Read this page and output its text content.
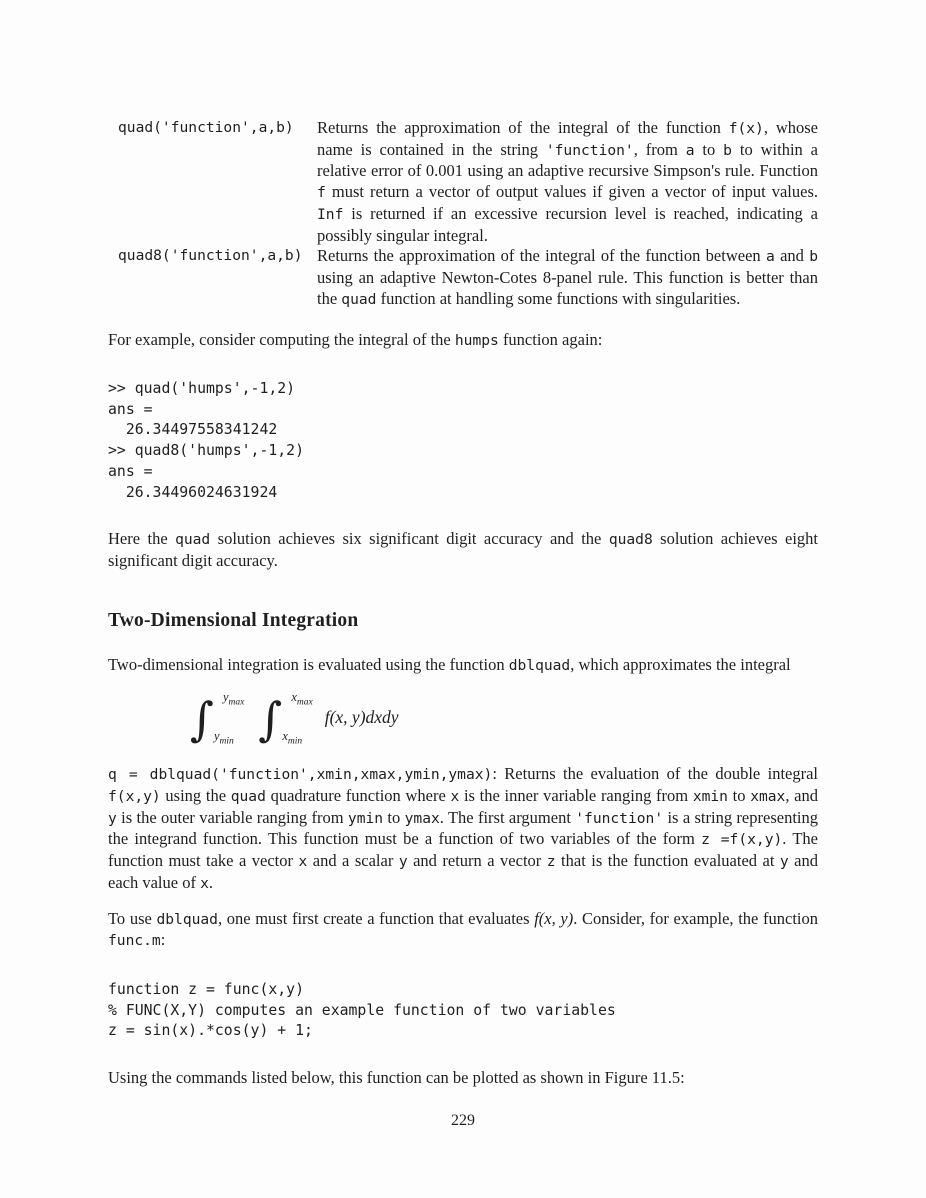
quad('function',a,b)	Returns the approximation of the integral of the function f(x), whose name is contained in the string 'function', from a to b to within a relative error of 0.001 using an adaptive recursive Simpson's rule. Function f must return a vector of output values if given a vector of input values. Inf is returned if an excessive recursion level is reached, indicating a possibly singular integral.
quad8('function',a,b) Returns the approximation of the integral of the function between a and b using an adaptive Newton-Cotes 8-panel rule. This function is better than the quad function at handling some functions with singularities.

For example, consider computing the integral of the humps function again:

>> quad('humps',-1,2)
ans =
26.34497558341242
>> quad8('humps',-1,2)
ans =
26.34496024631924

Here the quad solution achieves six significant digit accuracy and the quad8 solution achieves eight significant digit accuracy.

Two-Dimensional Integration

Two-dimensional integration is evaluated using the function dblquad, which approximates the integral

∫ $y_{max}$
$y_{min}$ ∫ $x_{max}$
$x_{min}$
f(x, y)dxdy

q = dblquad('function',xmin,xmax,ymin,ymax): Returns the evaluation of the double integral f(x,y) using the quad quadrature function where x is the inner variable ranging from xmin to xmax, and y is the outer variable ranging from ymin to ymax. The first argument 'function' is a string representing the integrand function. This function must be a function of two variables of the form z =f(x,y). The function must take a vector x and a scalar y and return a vector z that is the function evaluated at y and each value of x.

To use dblquad, one must first create a function that evaluates f(x, y). Consider, for example, the function func.m:

function z = func(x,y)
% FUNC(X,Y) computes an example function of two variables
z = sin(x).*cos(y) + 1;

Using the commands listed below, this function can be plotted as shown in Figure 11.5:

229
